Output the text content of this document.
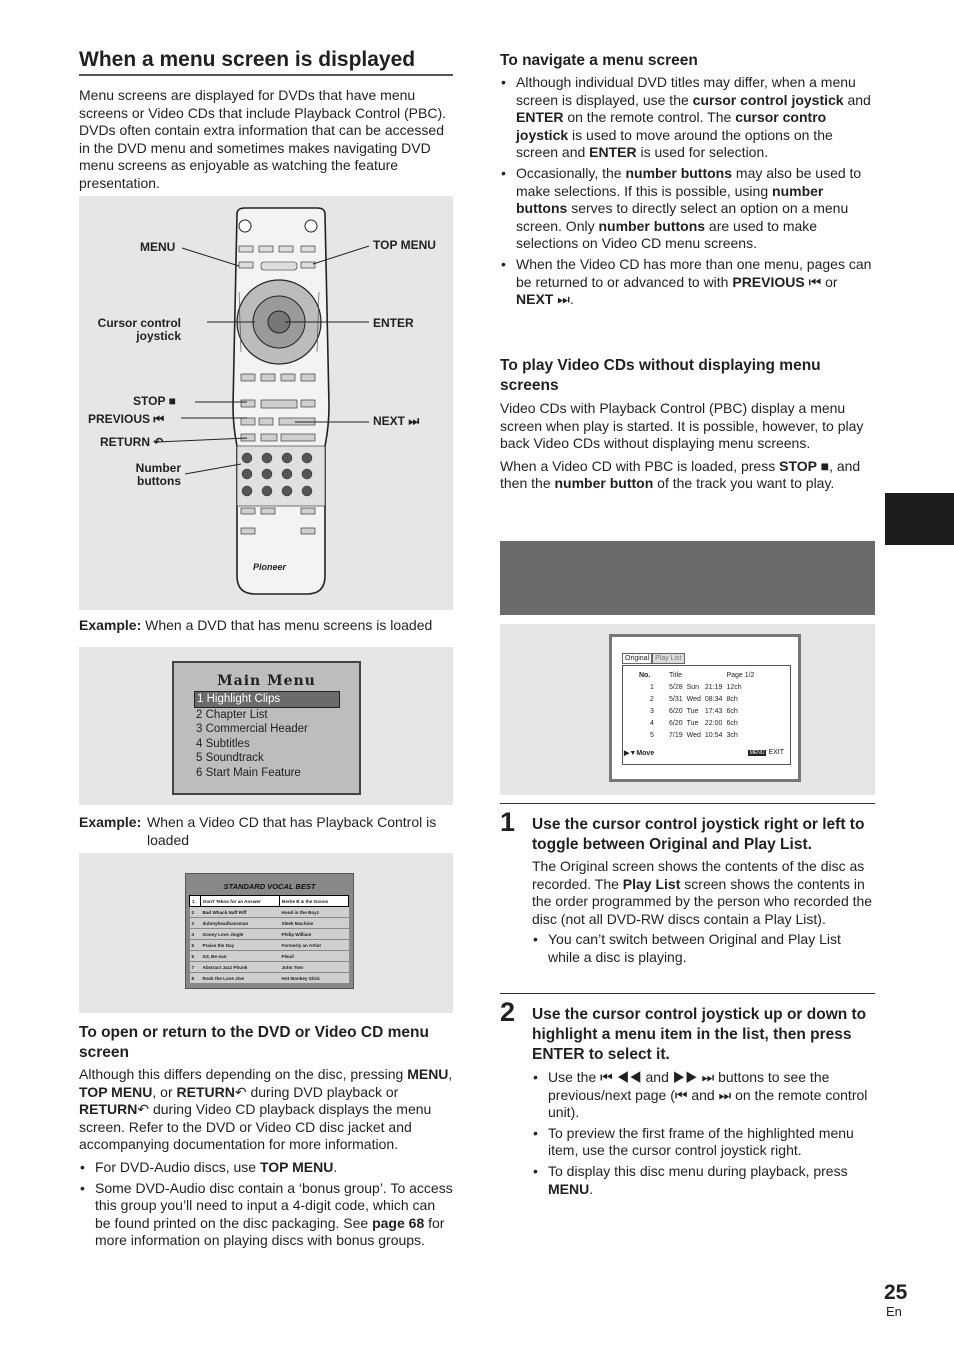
When a menu screen is displayed
Menu screens are displayed for DVDs that have menu screens or Video CDs that include Playback Control (PBC). DVDs often contain extra information that can be accessed in the DVD menu and sometimes makes navigating DVD menu screens as enjoyable as watching the feature presentation.
MENU	TOP MENU
Cursor control joystick
ENTER
STOP ■
PREVIOUS ⏮	NEXT ⏭
RETURN ↶
Number buttons
Pioneer
Example: When a DVD that has menu screens is loaded
Main Menu
1 Highlight Clips
2 Chapter List
3 Commercial Header
4 Subtitles
5 Soundtrack
6 Start Main Feature
Example: When a Video CD that has Playback Control is loaded
STANDARD VOCAL BEST
1	Don't Tekno for an Answer	Bertie B & the Goons
2	Bad Whack Naff Riff	Hood in the Boyz
3	dubmyheadbassman	Sleek Machine
4	Gooey Love Jingle	Philip William
5	Praise the Day	Formerly an Artist
6	G3, Be-san	Pleuil
7	Abstract Jazz Phunk	John Tom
8	Rock the Love Jive	Hot Monkey Stick
To open or return to the DVD or Video CD menu screen
Although this differs depending on the disc, pressing MENU, TOP MENU, or RETURN↶ during DVD playback or RETURN↶ during Video CD playback displays the menu screen. Refer to the DVD or Video CD disc jacket and accompanying documentation for more information.
• For DVD-Audio discs, use TOP MENU.
• Some DVD-Audio disc contain a ‘bonus group’. To access this group you’ll need to input a 4-digit code, which can be found printed on the disc packaging. See page 68 for more information on playing discs with bonus groups.
To navigate a menu screen
• Although individual DVD titles may differ, when a menu screen is displayed, use the cursor control joystick and ENTER on the remote control. The cursor contro joystick is used to move around the options on the screen and ENTER is used for selection.
• Occasionally, the number buttons may also be used to make selections. If this is possible, using number buttons serves to directly select an option on a menu screen. Only number buttons are used to make selections on Video CD menu screens.
• When the Video CD has more than one menu, pages can be returned to or advanced to with PREVIOUS ⏮ or NEXT ⏭.
To play Video CDs without displaying menu screens
Video CDs with Playback Control (PBC) display a menu screen when play is started. It is possible, however, to play back Video CDs without displaying menu screens.
When a Video CD with PBC is loaded, press STOP ■, and then the number button of the track you want to play.
Original Play List
No.	Title			Page 1/2
1	5/28	Sun	21:19	12ch
2	5/31	Wed	08:34	8ch
3	6/20	Tue	17:43	6ch
4	6/20	Tue	22:00	6ch
5	7/19	Wed	10:54	3ch
▶▼Move	MENU EXIT
1 Use the cursor control joystick right or left to toggle between Original and Play List.
The Original screen shows the contents of the disc as recorded. The Play List screen shows the contents in the order programmed by the person who recorded the disc (not all DVD-RW discs contain a Play List).
• You can’t switch between Original and Play List while a disc is playing.
2 Use the cursor control joystick up or down to highlight a menu item in the list, then press ENTER to select it.
• Use the ⏮ ◀◀ and ▶▶ ⏭ buttons to see the previous/next page (⏮ and ⏭ on the remote control unit).
• To preview the first frame of the highlighted menu item, use the cursor control joystick right.
• To display this disc menu during playback, press MENU.
25
En
